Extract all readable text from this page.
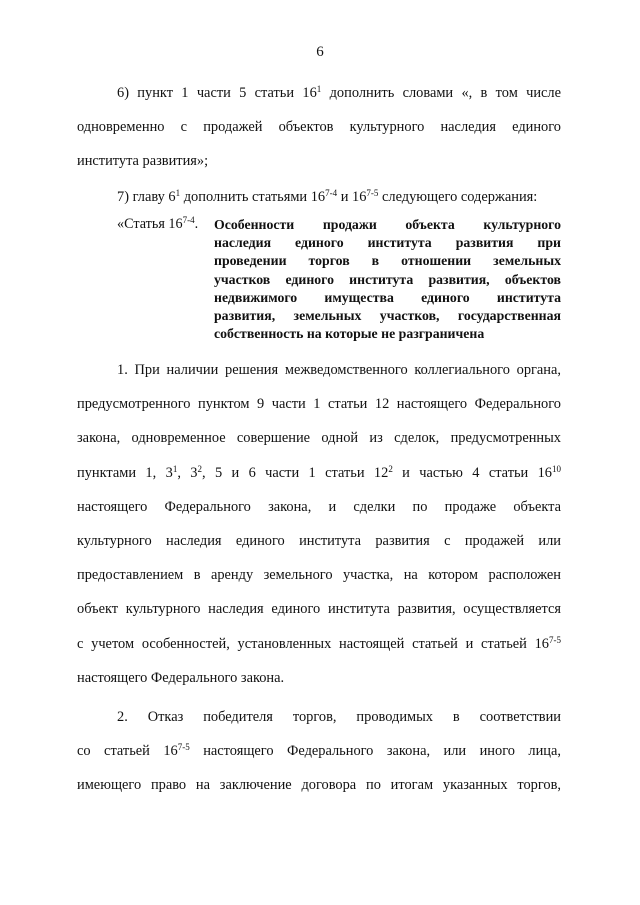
6
6) пункт 1 части 5 статьи $16^1$ дополнить словами «, в том числе
одновременно с продажей объектов культурного наследия единого
института развития»;
7) главу $6^1$ дополнить статьями 16$^{7-4}$ и 16$^{7-5}$ следующего содержания:
«Статья 16$^{7-4}$. Особенности продажи объекта культурного
наследия единого института развития при
проведении торгов в отношении земельных
участков единого института развития, объектов
недвижимого имущества единого института
развития, земельных участков, государственная
собственность на которые не разграничена
1. При наличии решения межведомственного коллегиального органа,
предусмотренного пунктом 9 части 1 статьи 12 настоящего Федерального
закона, одновременное совершение одной из сделок, предусмотренных
пунктами 1, $3^1$, $3^2$, 5 и 6 части 1 статьи $12^2$ и частью 4 статьи $16^{10}$
настоящего Федерального закона, и сделки по продаже объекта
культурного наследия единого института развития с продажей или
предоставлением в аренду земельного участка, на котором расположен
объект культурного наследия единого института развития, осуществляется
с учетом особенностей, установленных настоящей статьей и статьей 16$^{7-5}$
настоящего Федерального закона.
2. Отказ победителя торгов, проводимых в соответствии
со статьей 16$^{7-5}$ настоящего Федерального закона, или иного лица,
имеющего право на заключение договора по итогам указанных торгов,
